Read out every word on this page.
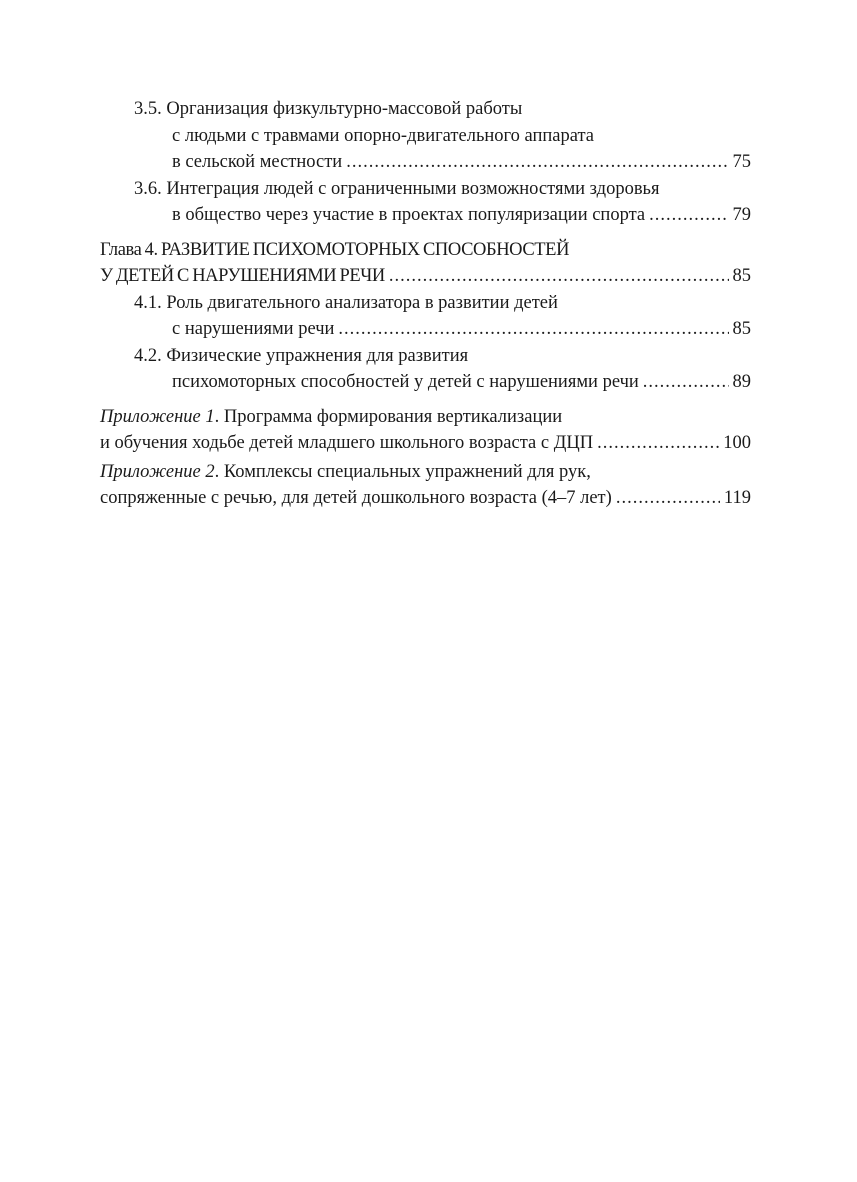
3.5. Организация физкультурно-массовой работы
с людьми с травмами опорно-двигательного аппарата
в сельской местности .....	75
3.6. Интеграция людей с ограниченными возможностями здоровья
в общество через участие в проектах популяризации спорта .....	79
Глава 4. РАЗВИТИЕ ПСИХОМОТОРНЫХ СПОСОБНОСТЕЙ
У ДЕТЕЙ С НАРУШЕНИЯМИ РЕЧИ .....	85
4.1. Роль двигательного анализатора в развитии детей
с нарушениями речи .....	85
4.2. Физические упражнения для развития
психомоторных способностей у детей с нарушениями речи .....	89
Приложение 1. Программа формирования вертикализации
и обучения ходьбе детей младшего школьного возраста с ДЦП .....	100
Приложение 2. Комплексы специальных упражнений для рук,
сопряженные с речью, для детей дошкольного возраста (4–7 лет) .....	119
